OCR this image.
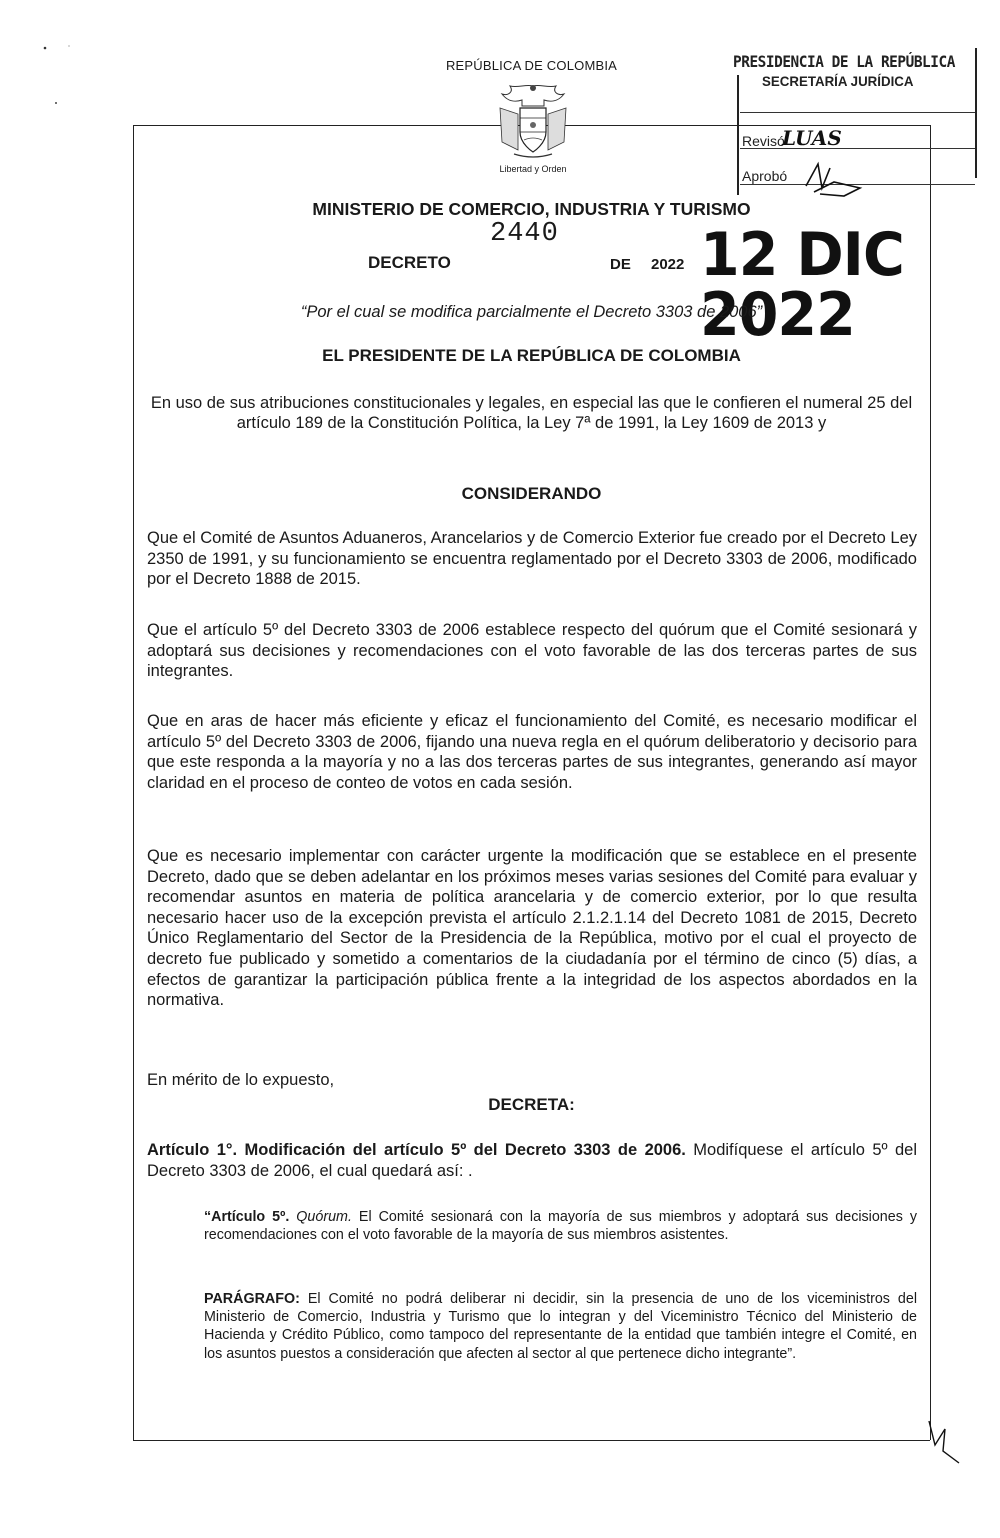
REPÚBLICA DE COLOMBIA
Libertad y Orden
PRESIDENCIA DE LA REPÚBLICA
SECRETARÍA JURÍDICA
Revisó
LUAS
Aprobó
MINISTERIO DE COMERCIO, INDUSTRIA Y TURISMO
2440
DECRETO	DE 2022 12 DIC 2022
“Por el cual se modifica parcialmente el Decreto 3303 de 2006”
EL PRESIDENTE DE LA REPÚBLICA DE COLOMBIA
En uso de sus atribuciones constitucionales y legales, en especial las que le confieren el numeral 25 del artículo 189 de la Constitución Política, la Ley 7ª de 1991, la Ley 1609 de 2013 y
CONSIDERANDO
Que el Comité de Asuntos Aduaneros, Arancelarios y de Comercio Exterior fue creado por el Decreto Ley 2350 de 1991, y su funcionamiento se encuentra reglamentado por el Decreto 3303 de 2006, modificado por el Decreto 1888 de 2015.
Que el artículo 5º del Decreto 3303 de 2006 establece respecto del quórum que el Comité sesionará y adoptará sus decisiones y recomendaciones con el voto favorable de las dos terceras partes de sus integrantes.
Que en aras de hacer más eficiente y eficaz el funcionamiento del Comité, es necesario modificar el artículo 5º del Decreto 3303 de 2006, fijando una nueva regla en el quórum deliberatorio y decisorio para que este responda a la mayoría y no a las dos terceras partes de sus integrantes, generando así mayor claridad en el proceso de conteo de votos en cada sesión.
Que es necesario implementar con carácter urgente la modificación que se establece en el presente Decreto, dado que se deben adelantar en los próximos meses varias sesiones del Comité para evaluar y recomendar asuntos en materia de política arancelaria y de comercio exterior, por lo que resulta necesario hacer uso de la excepción prevista el artículo 2.1.2.1.14 del Decreto 1081 de 2015, Decreto Único Reglamentario del Sector de la Presidencia de la República, motivo por el cual el proyecto de decreto fue publicado y sometido a comentarios de la ciudadanía por el término de cinco (5) días, a efectos de garantizar la participación pública frente a la integridad de los aspectos abordados en la normativa.
En mérito de lo expuesto,
DECRETA:
Artículo 1°. Modificación del artículo 5º del Decreto 3303 de 2006. Modifíquese el artículo 5º del Decreto 3303 de 2006, el cual quedará así: .
“Artículo 5º. Quórum. El Comité sesionará con la mayoría de sus miembros y adoptará sus decisiones y recomendaciones con el voto favorable de la mayoría de sus miembros asistentes.
PARÁGRAFO: El Comité no podrá deliberar ni decidir, sin la presencia de uno de los viceministros del Ministerio de Comercio, Industria y Turismo que lo integran y del Viceministro Técnico del Ministerio de Hacienda y Crédito Público, como tampoco del representante de la entidad que también integre el Comité, en los asuntos puestos a consideración que afecten al sector al que pertenece dicho integrante”.
